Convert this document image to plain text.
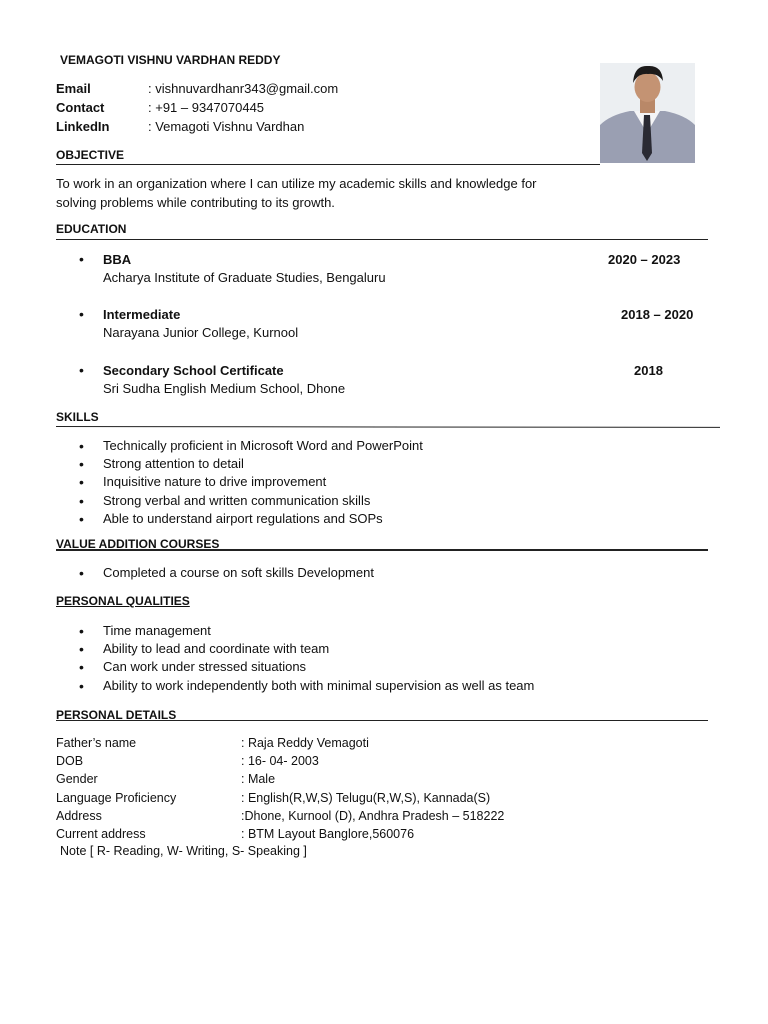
VEMAGOTI VISHNU VARDHAN REDDY
Email	: vishnuvardhanr343@gmail.com
Contact	: +91 – 9347070445
LinkedIn	: Vemagoti Vishnu Vardhan
OBJECTIVE
To work in an organization where I can utilize my academic skills and knowledge for
solving problems while contributing to its growth.
EDUCATION
• BBA
Acharya Institute of Graduate Studies, Bengaluru
2020 – 2023
• Intermediate
Narayana Junior College, Kurnool
2018 – 2020
• Secondary School Certificate
Sri Sudha English Medium School, Dhone
2018
SKILLS
• Technically proficient in Microsoft Word and PowerPoint
• Strong attention to detail
• Inquisitive nature to drive improvement
• Strong verbal and written communication skills
• Able to understand airport regulations and SOPs
VALUE ADDITION COURSES
• Completed a course on soft skills Development
PERSONAL QUALITIES
• Time management
• Ability to lead and coordinate with team
• Can work under stressed situations
• Ability to work independently both with minimal supervision as well as team
PERSONAL DETAILS
Father’s name	: Raja Reddy Vemagoti
DOB	: 16- 04- 2003
Gender	: Male
Language Proficiency	: English(R,W,S) Telugu(R,W,S), Kannada(S)
Address	:Dhone, Kurnool (D), Andhra Pradesh – 518222
Current address	: BTM Layout Banglore,560076
Note [ R- Reading, W- Writing, S- Speaking ]
